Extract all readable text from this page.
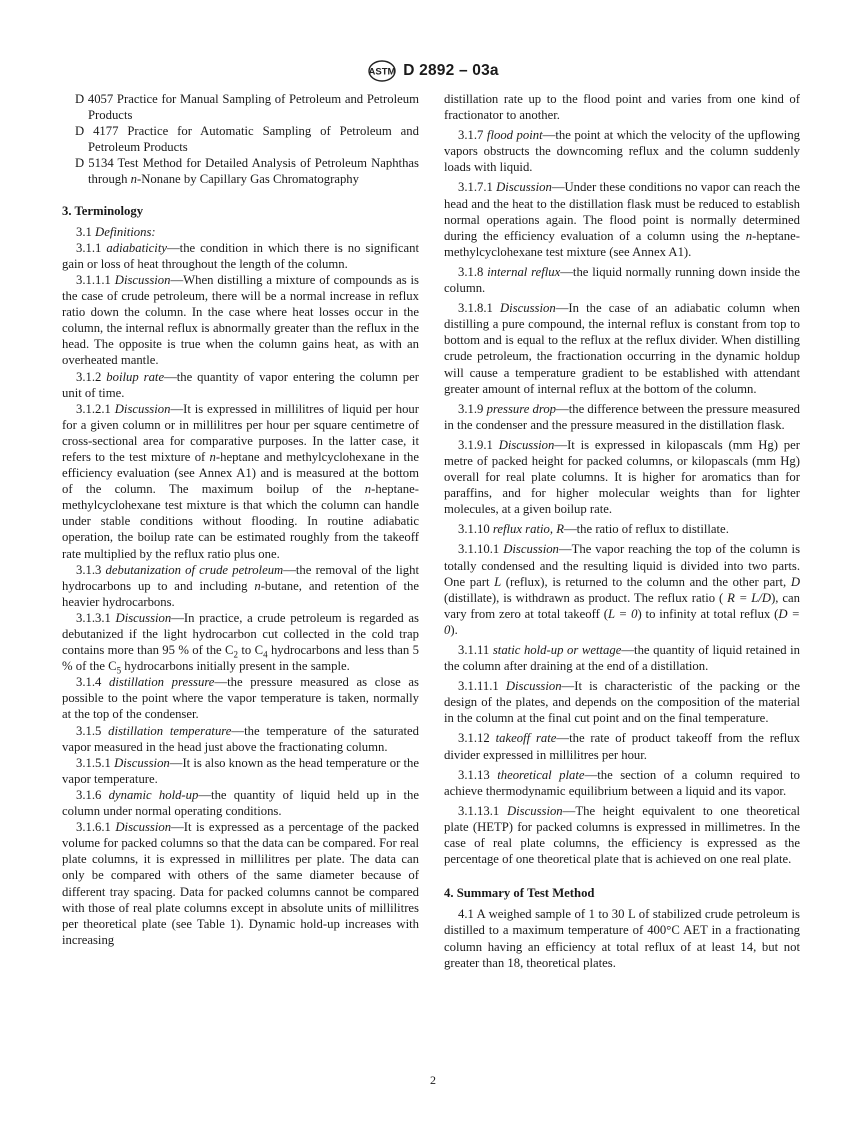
ASTM D 2892 – 03a

D 4057 Practice for Manual Sampling of Petroleum and Petroleum Products

D 4177 Practice for Automatic Sampling of Petroleum and Petroleum Products

D 5134 Test Method for Detailed Analysis of Petroleum Naphthas through n-Nonane by Capillary Gas Chromatography

3. Terminology

3.1 Definitions:

3.1.1 adiabaticity—the condition in which there is no significant gain or loss of heat throughout the length of the column.

3.1.1.1 Discussion—When distilling a mixture of compounds as is the case of crude petroleum, there will be a normal increase in reflux ratio down the column. In the case where heat losses occur in the column, the internal reflux is abnormally greater than the reflux in the head. The opposite is true when the column gains heat, as with an overheated mantle.

3.1.2 boilup rate—the quantity of vapor entering the column per unit of time.

3.1.2.1 Discussion—It is expressed in millilitres of liquid per hour for a given column or in millilitres per hour per square centimetre of cross-sectional area for comparative purposes. In the latter case, it refers to the test mixture of n-heptane and methylcyclohexane in the efficiency evaluation (see Annex A1) and is measured at the bottom of the column. The maximum boilup of the n-heptane-methylcyclohexane test mixture is that which the column can handle under stable conditions without flooding. In routine adiabatic operation, the boilup rate can be estimated roughly from the takeoff rate multiplied by the reflux ratio plus one.

3.1.3 debutanization of crude petroleum—the removal of the light hydrocarbons up to and including n-butane, and retention of the heavier hydrocarbons.

3.1.3.1 Discussion—In practice, a crude petroleum is regarded as debutanized if the light hydrocarbon cut collected in the cold trap contains more than 95 % of the $C_2$ to $C_4$ hydrocarbons and less than 5 % of the $C_5$ hydrocarbons initially present in the sample.

3.1.4 distillation pressure—the pressure measured as close as possible to the point where the vapor temperature is taken, normally at the top of the condenser.

3.1.5 distillation temperature—the temperature of the saturated vapor measured in the head just above the fractionating column.

3.1.5.1 Discussion—It is also known as the head temperature or the vapor temperature.

3.1.6 dynamic hold-up—the quantity of liquid held up in the column under normal operating conditions.

3.1.6.1 Discussion—It is expressed as a percentage of the packed volume for packed columns so that the data can be compared. For real plate columns, it is expressed in millilitres per plate. The data can only be compared with others of the same diameter because of different tray spacing. Data for packed columns cannot be compared with those of real plate columns except in absolute units of millilitres per theoretical plate (see Table 1). Dynamic hold-up increases with increasing

distillation rate up to the flood point and varies from one kind of fractionator to another.

3.1.7 flood point—the point at which the velocity of the upflowing vapors obstructs the downcoming reflux and the column suddenly loads with liquid.

3.1.7.1 Discussion—Under these conditions no vapor can reach the head and the heat to the distillation flask must be reduced to establish normal operations again. The flood point is normally determined during the efficiency evaluation of a column using the n-heptane-methylcyclohexane test mixture (see Annex A1).

3.1.8 internal reflux—the liquid normally running down inside the column.

3.1.8.1 Discussion—In the case of an adiabatic column when distilling a pure compound, the internal reflux is constant from top to bottom and is equal to the reflux at the reflux divider. When distilling crude petroleum, the fractionation occurring in the dynamic holdup will cause a temperature gradient to be established with attendant greater amount of internal reflux at the bottom of the column.

3.1.9 pressure drop—the difference between the pressure measured in the condenser and the pressure measured in the distillation flask.

3.1.9.1 Discussion—It is expressed in kilopascals (mm Hg) per metre of packed height for packed columns, or kilopascals (mm Hg) overall for real plate columns. It is higher for aromatics than for paraffins, and for higher molecular weights than for lighter molecules, at a given boilup rate.

3.1.10 reflux ratio, R—the ratio of reflux to distillate.

3.1.10.1 Discussion—The vapor reaching the top of the column is totally condensed and the resulting liquid is divided into two parts. One part L (reflux), is returned to the column and the other part, D (distillate), is withdrawn as product. The reflux ratio ( R = L/D), can vary from zero at total takeoff (L = 0) to infinity at total reflux (D = 0).

3.1.11 static hold-up or wettage—the quantity of liquid retained in the column after draining at the end of a distillation.

3.1.11.1 Discussion—It is characteristic of the packing or the design of the plates, and depends on the composition of the material in the column at the final cut point and on the final temperature.

3.1.12 takeoff rate—the rate of product takeoff from the reflux divider expressed in millilitres per hour.

3.1.13 theoretical plate—the section of a column required to achieve thermodynamic equilibrium between a liquid and its vapor.

3.1.13.1 Discussion—The height equivalent to one theoretical plate (HETP) for packed columns is expressed in millimetres. In the case of real plate columns, the efficiency is expressed as the percentage of one theoretical plate that is achieved on one real plate.

4. Summary of Test Method

4.1 A weighed sample of 1 to 30 L of stabilized crude petroleum is distilled to a maximum temperature of 400°C AET in a fractionating column having an efficiency at total reflux of at least 14, but not greater than 18, theoretical plates.

2
